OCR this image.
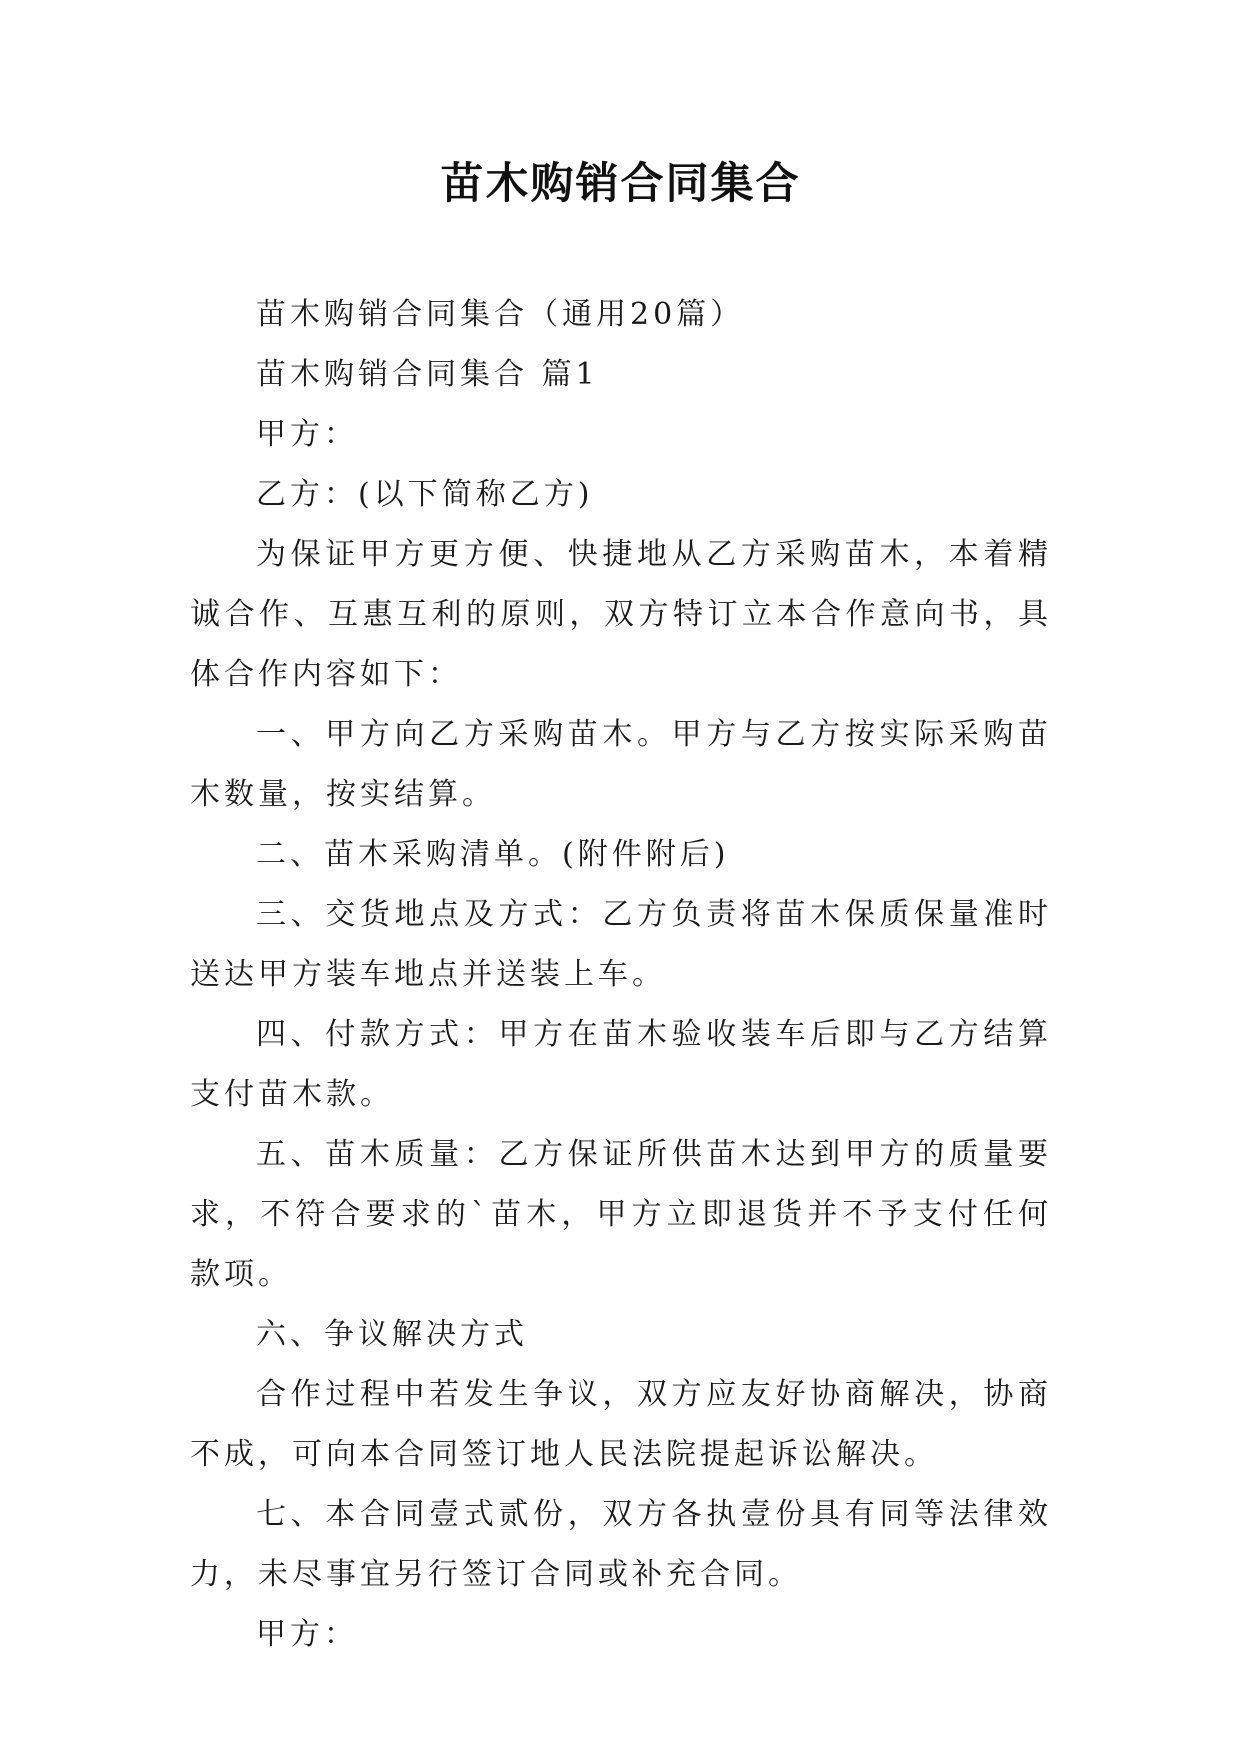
苗木购销合同集合

苗木购销合同集合（通用20篇）

苗木购销合同集合 篇1

甲方：

乙方：(以下简称乙方)

为保证甲方更方便、快捷地从乙方采购苗木，本着精诚合作、互惠互利的原则，双方特订立本合作意向书，具体合作内容如下：

一、甲方向乙方采购苗木。甲方与乙方按实际采购苗木数量，按实结算。

二、苗木采购清单。(附件附后)

三、交货地点及方式：乙方负责将苗木保质保量准时送达甲方装车地点并送装上车。

四、付款方式：甲方在苗木验收装车后即与乙方结算支付苗木款。

五、苗木质量：乙方保证所供苗木达到甲方的质量要求，不符合要求的`苗木，甲方立即退货并不予支付任何款项。

六、争议解决方式

合作过程中若发生争议，双方应友好协商解决，协商不成，可向本合同签订地人民法院提起诉讼解决。

七、本合同壹式贰份，双方各执壹份具有同等法律效力，未尽事宜另行签订合同或补充合同。

甲方：
